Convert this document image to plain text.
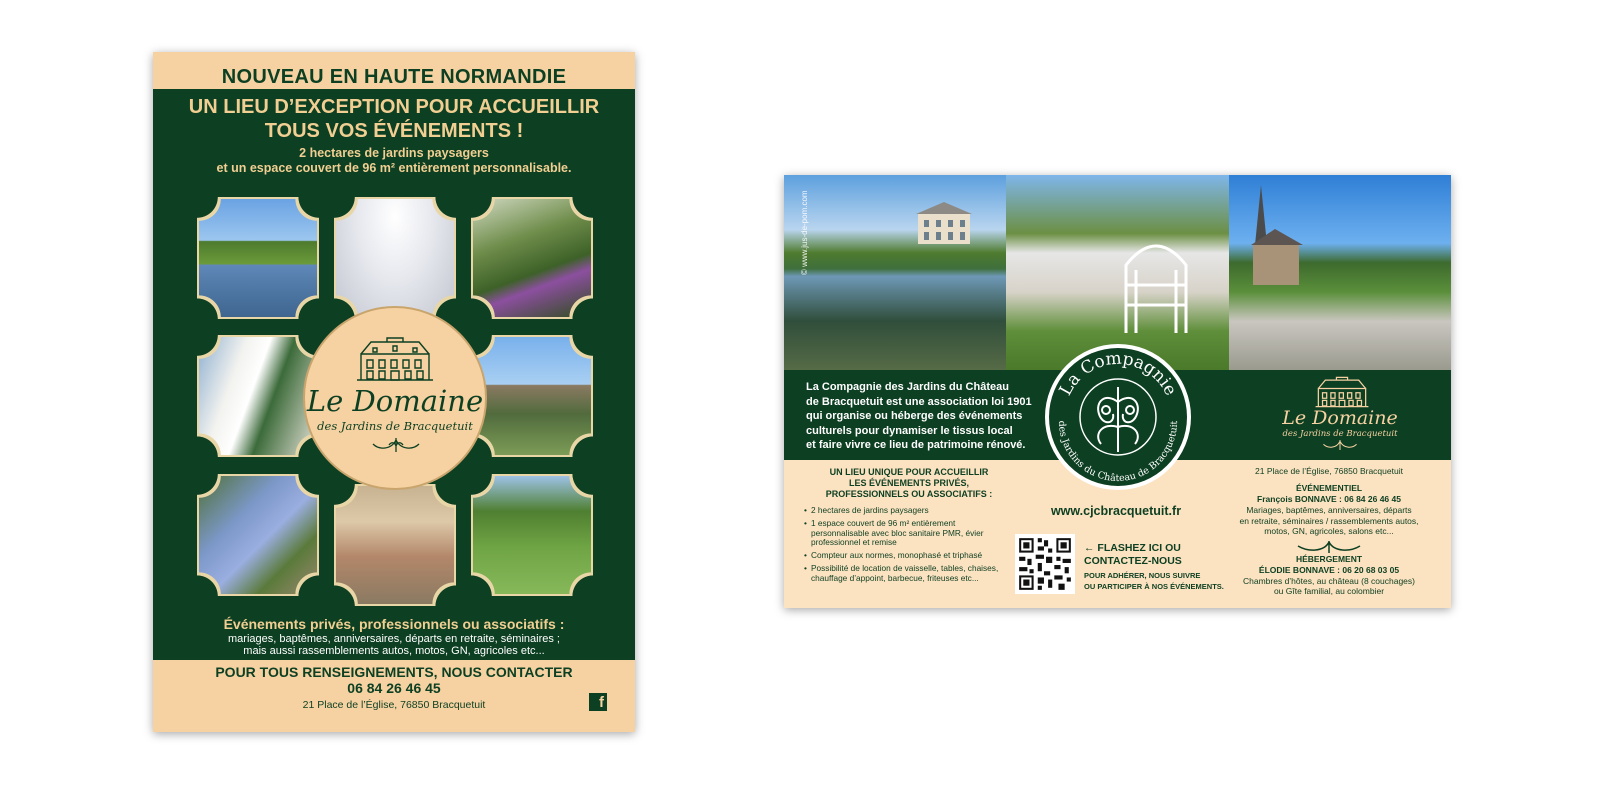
NOUVEAU EN HAUTE NORMANDIE
UN LIEU D’EXCEPTION POUR ACCUEILLIR
TOUS VOS ÉVÉNEMENTS !
2 hectares de jardins paysagers
et un espace couvert de 96 m² entièrement personnalisable.
Le Domaine
des Jardins de Bracquetuit
Événements privés, professionnels ou associatifs :
mariages, baptêmes, anniversaires, départs en retraite, séminaires ;
mais aussi rassemblements autos, motos, GN, agricoles etc...
POUR TOUS RENSEIGNEMENTS, NOUS CONTACTER
06 84 26 46 45
21 Place de l’Église, 76850 Bracquetuit	f
© www.jus-de-pom.com
La Compagnie des Jardins du Château
de Bracquetuit est une association loi 1901
qui organise ou héberge des événements
culturels pour dynamiser le tissus local
et faire vivre ce lieu de patrimoine rénové.
Le Domaine
des Jardins de Bracquetuit
La Compagnie
des Jardins du Château de Bracquetuit
UN LIEU UNIQUE POUR ACCUEILLIR
LES ÉVÉNEMENTS PRIVÉS,
PROFESSIONNELS OU ASSOCIATIFS :
• 2 hectares de jardins paysagers
• 1 espace couvert de 96 m² entièrement personnalisable avec bloc sanitaire PMR, évier professionnel et remise
• Compteur aux normes, monophasé et triphasé
• Possibilité de location de vaisselle, tables, chaises, chauffage d’appoint, barbecue, friteuses etc...
www.cjcbracquetuit.fr
← FLASHEZ ICI OU
CONTACTEZ-NOUS
POUR ADHÉRER, NOUS SUIVRE
OU PARTICIPER À NOS ÉVÉNEMENTS.
21 Place de l’Église, 76850 Bracquetuit
ÉVÉNEMENTIEL
François BONNAVE : 06 84 26 46 45
Mariages, baptêmes, anniversaires, départs
en retraite, séminaires / rassemblements autos,
motos, GN, agricoles, salons etc...
HÉBERGEMENT
ÉLODIE BONNAVE : 06 20 68 03 05
Chambres d’hôtes, au château (8 couchages)
ou Gîte familial, au colombier
